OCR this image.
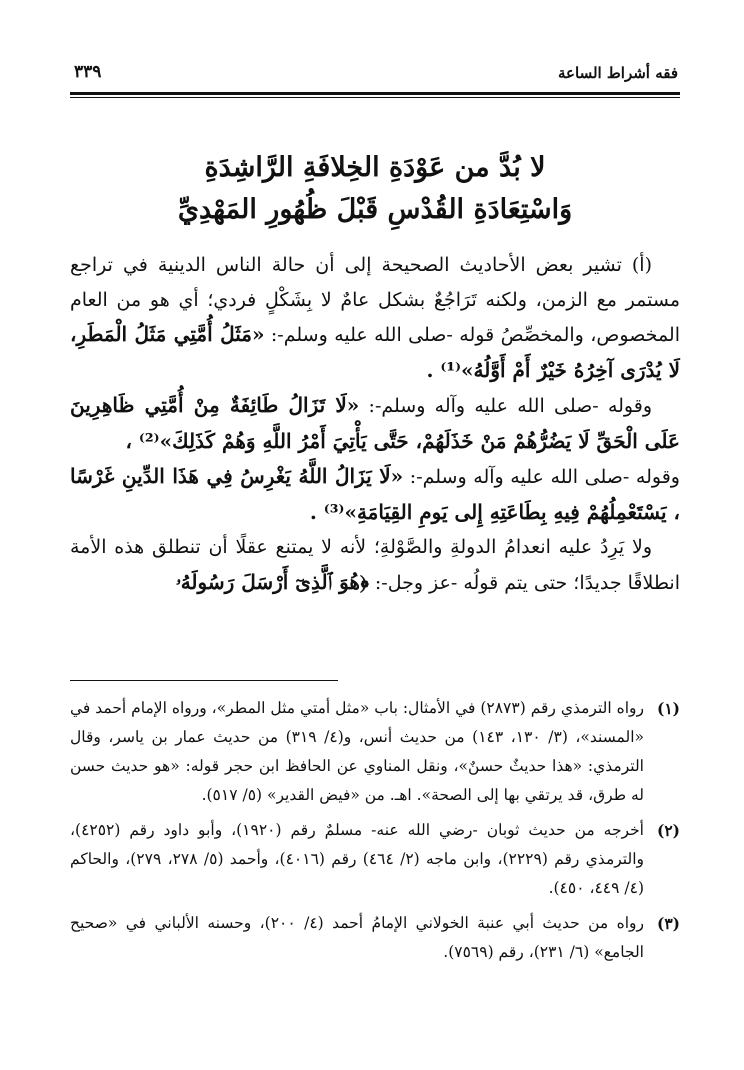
فقه أشراط الساعة
٣٣٩
لا بُدَّ من عَوْدَةِ الخِلافَةِ الرَّاشِدَةِ
وَاسْتِعَادَةِ القُدْسِ قَبْلَ ظُهُورِ المَهْدِيِّ

(أ) تشير بعض الأحاديث الصحيحة إلى أن حالة الناس الدينية في تراجع مستمر مع الزمن، ولكنه تَرَاجُعٌ بشكل عامٌ لا بِشَكْلٍ فردي؛ أي هو من العام المخصوص، والمخصِّصُ قوله -صلى الله عليه وسلم-: «مَثَلُ أُمَّتِي مَثَلُ الْمَطَرِ، لَا يُدْرَى آخِرُهُ خَيْرٌ أَمْ أَوَّلُهُ»⁽¹⁾ .

وقوله -صلى الله عليه وآله وسلم-: «لَا تَزَالُ طَائِفَةٌ مِنْ أُمَّتِي ظَاهِرِينَ عَلَى الْحَقِّ لَا يَضُرُّهُمْ مَنْ خَذَلَهُمْ، حَتَّى يَأْتِيَ أَمْرُ اللَّهِ وَهُمْ كَذَلِكَ»⁽²⁾ ،

وقوله -صلى الله عليه وآله وسلم-: «لَا يَزَالُ اللَّهُ يَغْرِسُ فِي هَذَا الدِّينِ غَرْسًا ، يَسْتَعْمِلُهُمْ فِيهِ بِطَاعَتِهِ إِلى يَومِ القِيَامَةِ»⁽³⁾ .

ولا يَرِدُ عليه انعدامُ الدولةِ والصَّوْلةِ؛ لأنه لا يمتنع عقلًا أن تنطلق هذه الأمة انطلاقًا جديدًا؛ حتى يتم قولُه -عز وجل-: ﴿هُوَ ٱلَّذِىٓ أَرْسَلَ رَسُولَهُۥ

(١)
رواه الترمذي رقم (٢٨٧٣) في الأمثال: باب «مثل أمتي مثل المطر»، ورواه الإمام أحمد في «المسند»، (٣/ ١٣٠، ١٤٣) من حديث أنس، و(٤/ ٣١٩) من حديث عمار بن ياسر، وقال الترمذي: «هذا حديثٌ حسنٌ»، ونقل المناوي عن الحافظ ابن حجر قوله: «هو حديث حسن له طرق، قد يرتقي بها إلى الصحة». اهـ. من «فيض القدير» (٥/ ٥١٧).
(٢)
أخرجه من حديث ثوبان -رضي الله عنه- مسلمٌ رقم (١٩٢٠)، وأبو داود رقم (٤٢٥٢)، والترمذي رقم (٢٢٢٩)، وابن ماجه (٢/ ٤٦٤) رقم (٤٠١٦)، وأحمد (٥/ ٢٧٨، ٢٧٩)، والحاكم (٤/ ٤٤٩، ٤٥٠).
(٣)
رواه من حديث أبي عنبة الخولاني الإمامُ أحمد (٤/ ٢٠٠)، وحسنه الألباني في «صحيح الجامع» (٦/ ٢٣١)، رقم (٧٥٦٩).
